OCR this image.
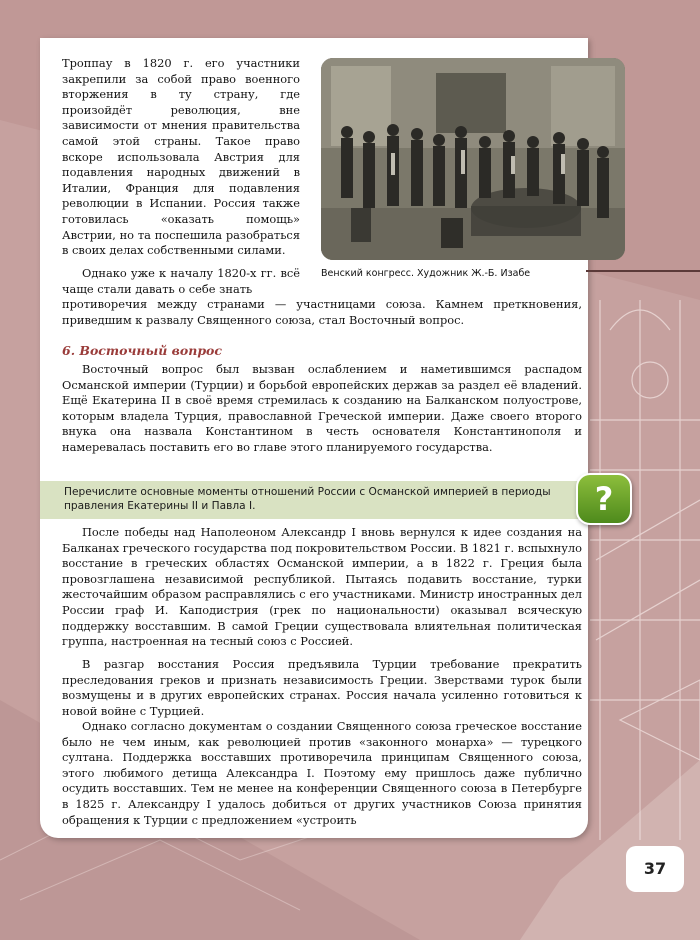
Венский конгресс. Художник Ж.-Б. Изабе

Троппау в 1820 г. его участники закрепили за собой право военного вторжения в ту страну, где произойдёт революция, вне зависимости от мнения правительства самой этой страны. Такое право вскоре использовала Австрия для подавления народных движений в Италии, Франция для подавления революции в Испании. Россия также готовилась «оказать помощь» Австрии, но та поспешила разобраться в своих делах собственными силами.

Однако уже к началу 1820-х гг. всё чаще стали давать о себе знать

противоречия между странами — участницами союза. Камнем преткновения, приведшим к развалу Священного союза, стал Восточный вопрос.

6. Восточный вопрос

Восточный вопрос был вызван ослаблением и наметившимся распадом Османской империи (Турции) и борьбой европейских держав за раздел её владений. Ещё Екатерина II в своё время стремилась к созданию на Балканском полуострове, которым владела Турция, православной Греческой империи. Даже своего второго внука она назвала Константином в честь основателя Константинополя и намеревалась поставить его во главе этого планируемого государства.

Перечислите основные моменты отношений России с Османской империей в периоды правления Екатерины II и Павла I.	?

После победы над Наполеоном Александр I вновь вернулся к идее создания на Балканах греческого государства под покровительством России. В 1821 г. вспыхнуло восстание в греческих областях Османской империи, а в 1822 г. Греция была провозглашена независимой республикой. Пытаясь подавить восстание, турки жесточайшим образом расправлялись с его участниками. Министр иностранных дел России граф И. Каподистрия (грек по национальности) оказывал всяческую поддержку восставшим. В самой Греции существовала влиятельная политическая группа, настроенная на тесный союз с Россией.

В разгар восстания Россия предъявила Турции требование прекратить преследования греков и признать независимость Греции. Зверствами турок были возмущены и в других европейских странах. Россия начала усиленно готовиться к новой войне с Турцией.

Однако согласно документам о создании Священного союза греческое восстание было не чем иным, как революцией против «законного монарха» — турецкого султана. Поддержка восставших противоречила принципам Священного союза, этого любимого детища Александра I. Поэтому ему пришлось даже публично осудить восставших. Тем не менее на конференции Священного союза в Петербурге в 1825 г. Александру I удалось добиться от других участников Союза принятия обращения к Турции с предложением «устроить

37
